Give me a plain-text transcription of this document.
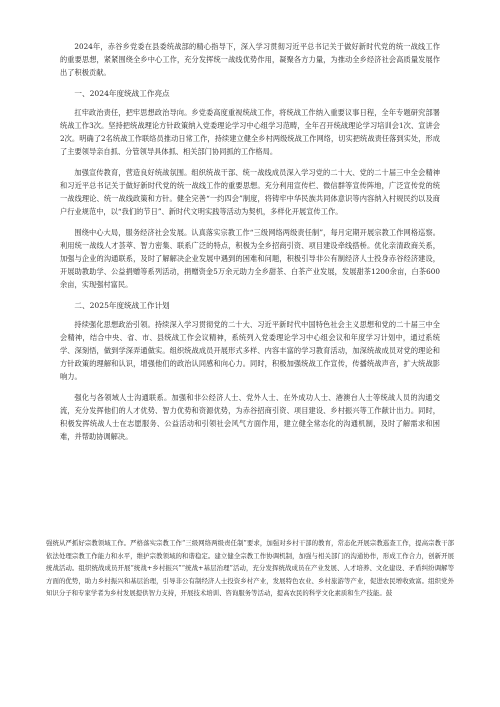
2024年，赤谷乡党委在县委统战部的精心指导下，深入学习贯彻习近平总书记关于做好新时代党的统一战线工作的重要思想，紧紧围绕全乡中心工作，充分发挥统一战线优势作用，凝聚各方力量，为推动全乡经济社会高质量发展作出了积极贡献。

一、2024年度统战工作亮点

扛牢政治责任，把牢思想政治导向。乡党委高度重视统战工作，将统战工作纳入重要议事日程，全年专题研究部署统战工作3次。坚持把统战理论方针政策纳入党委理论学习中心组学习范畴，全年召开统战理论学习培训会1次、宣讲会2次。明确了2名统战工作联络员推动日常工作，持续建立健全乡村两级统战工作网络，切实把统战责任落到实处，形成了主要领导亲自抓、分管领导具体抓、相关部门协同抓的工作格局。

加强宣传教育，营造良好统战氛围。组织统战干部、统一战线成员深入学习党的二十大、党的二十届三中全会精神和习近平总书记关于做好新时代党的统一战线工作的重要思想。充分利用宣传栏、微信群等宣传阵地，广泛宣传党的统一战线理论、统一战线政策和方针。健全完善“一约四会”制度，将铸牢中华民族共同体意识等内容纳入村规民约以及商户行业规范中，以“我们的节日”、新时代文明实践等活动为契机，多样化开展宣传工作。

围绕中心大局，服务经济社会发展。认真落实宗教工作“三级网络两级责任制”，每月定期开展宗教工作网格巡察。利用统一战线人才荟萃、智力密集、联系广泛的特点，积极为全乡招商引资、项目建设牵线搭桥。优化亲清政商关系，加强与企业的沟通联系，及时了解解决企业发展中遇到的困难和问题，积极引导非公有制经济人士投身赤谷经济建设，开展助教助学、公益捐赠等系列活动，捐赠资金5万余元助力全乡甜茶、白茶产业发展，发展甜茶1200余亩，白茶600余亩，实现强村富民。

二、2025年度统战工作计划

持续强化思想政治引领。持续深入学习贯彻党的二十大、习近平新时代中国特色社会主义思想和党的二十届三中全会精神，结合中央、省、市、县统战工作会议精神，系统列入党委理论学习中心组会议和年度学习计划中，通过系统学、深刻悟，做到学深弄通做实。组织统战成员开展形式多样、内容丰富的学习教育活动，加深统战成员对党的理论和方针政策的理解和认识，增强他们的政治认同感和向心力。同时，积极加强统战工作宣传，传播统战声音，扩大统战影响力。

强化与各领域人士沟通联系。加强和非公经济人士、党外人士、在外成功人士、港澳台人士等统战人员的沟通交流，充分发挥他们的人才优势、智力优势和资源优势，为赤谷招商引资、项目建设、乡村振兴等工作献计出力。同时，积极发挥统战人士在志愿服务、公益活动和引领社会风气方面作用，建立健全常态化的沟通机制，及时了解需求和困难，并帮助协调解决。

强统从严抓好宗教领域工作。严格落实宗教工作“三级网络两级责任制”要求，加强对乡村干部的教育，常态化开展宗教巡查工作，提高宗教干部依法处理宗教工作能力和水平，维护宗教领域的和谐稳定。建立健全宗教工作协调机制，加强与相关部门的沟通协作，形成工作合力，创新开展统战活动。组织统战成员开展“统战+乡村振兴”“统战+基层治理”活动，充分发挥统战成员在产业发展、人才培养、文化建设、矛盾纠纷调解等方面的优势，助力乡村振兴和基层治理，引导非公有制经济人士投资乡村产业，发展特色农业、乡村旅游等产业，促进农民增收致富。组织党外知识分子和专家学者为乡村发展提供智力支持，开展技术培训、咨询服务等活动，提高农民的科学文化素质和生产技能。鼓
